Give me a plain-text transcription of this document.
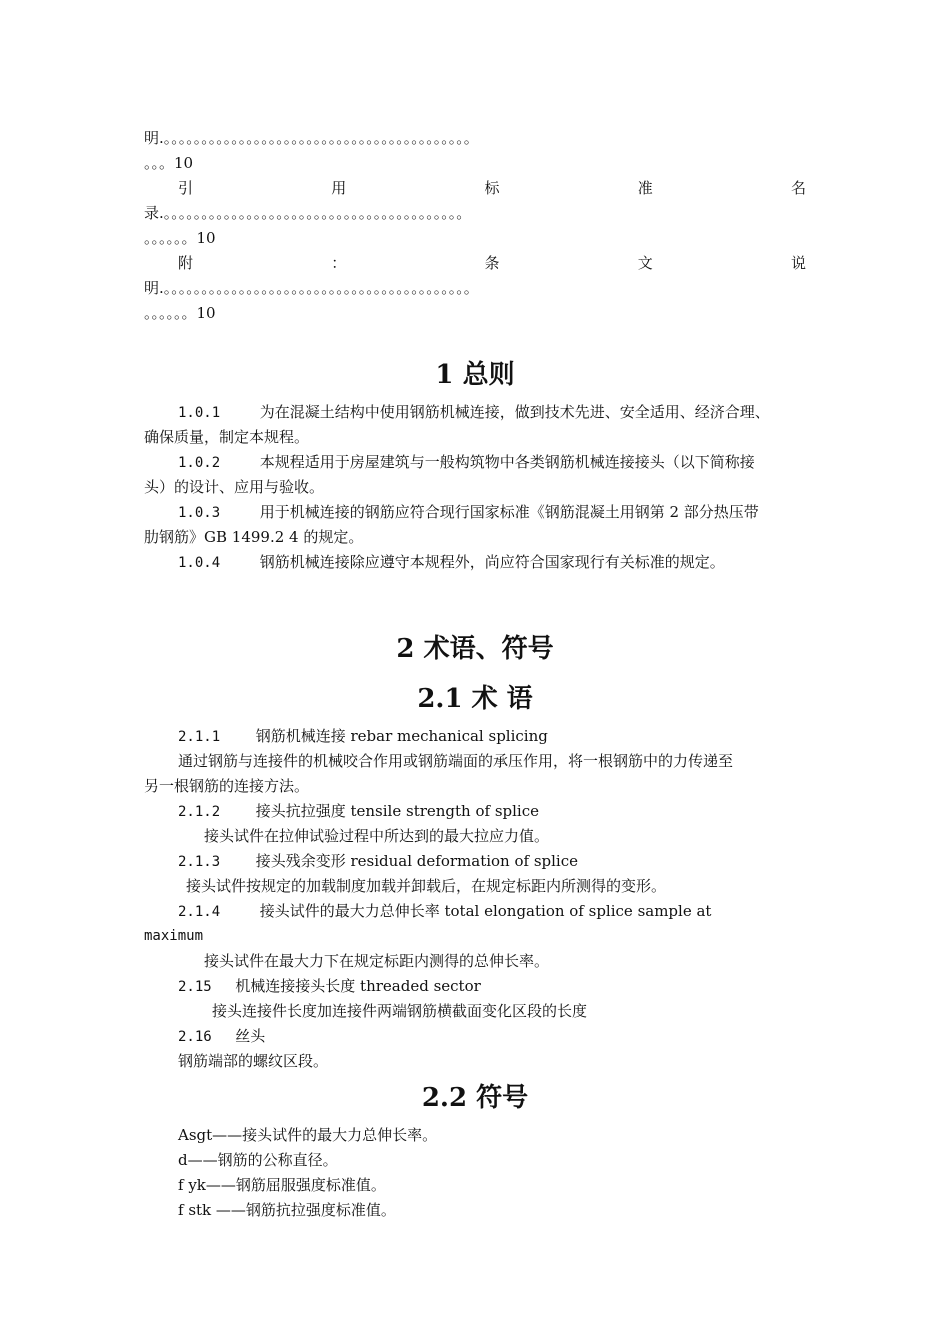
明.。。。。。。。。。。。。。。。。。。。。。。。。。。。。。。。。。。。。。。。。。
。。。10
引	用	标	准	名
录.。。。。。。。。。。。。。。。。。。。。。。。。。。。。。。。。。。。。。。。。
。。。。。。10
附	：	条	文	说
明.。。。。。。。。。。。。。。。。。。。。。。。。。。。。。。。。。。。。。。。。。
。。。。。。10
1 总则
1.0.1	为在混凝土结构中使用钢筋机械连接，做到技术先进、安全适用、经济合理、
确保质量，制定本规程。
1.0.2	本规程适用于房屋建筑与一般构筑物中各类钢筋机械连接接头（以下简称接
头）的设计、应用与验收。
1.0.3	用于机械连接的钢筋应符合现行国家标准《钢筋混凝土用钢第 2 部分热压带
肋钢筋》GB 1499.2 4 的规定。
1.0.4	钢筋机械连接除应遵守本规程外，尚应符合国家现行有关标准的规定。
2 术语、符号
2.1 术 语
2.1.1 钢筋机械连接 rebar mechanical splicing
通过钢筋与连接件的机械咬合作用或钢筋端面的承压作用，将一根钢筋中的力传递至
另一根钢筋的连接方法。
2.1.2 接头抗拉强度 tensile strength of splice
接头试件在拉伸试验过程中所达到的最大拉应力值。
2.1.3 接头残余变形 residual deformation of splice
接头试件按规定的加载制度加载并卸载后，在规定标距内所测得的变形。
2.1.4	接头试件的最大力总伸长率 total elongation of splice sample at
maximum
接头试件在最大力下在规定标距内测得的总伸长率。
2.15 机械连接接头长度 threaded sector
接头连接件长度加连接件两端钢筋横截面变化区段的长度
2.16 丝头
钢筋端部的螺纹区段。
2.2 符号
Asgt——接头试件的最大力总伸长率。
d——钢筋的公称直径。
f yk——钢筋屈服强度标准值。
f stk ——钢筋抗拉强度标准值。
